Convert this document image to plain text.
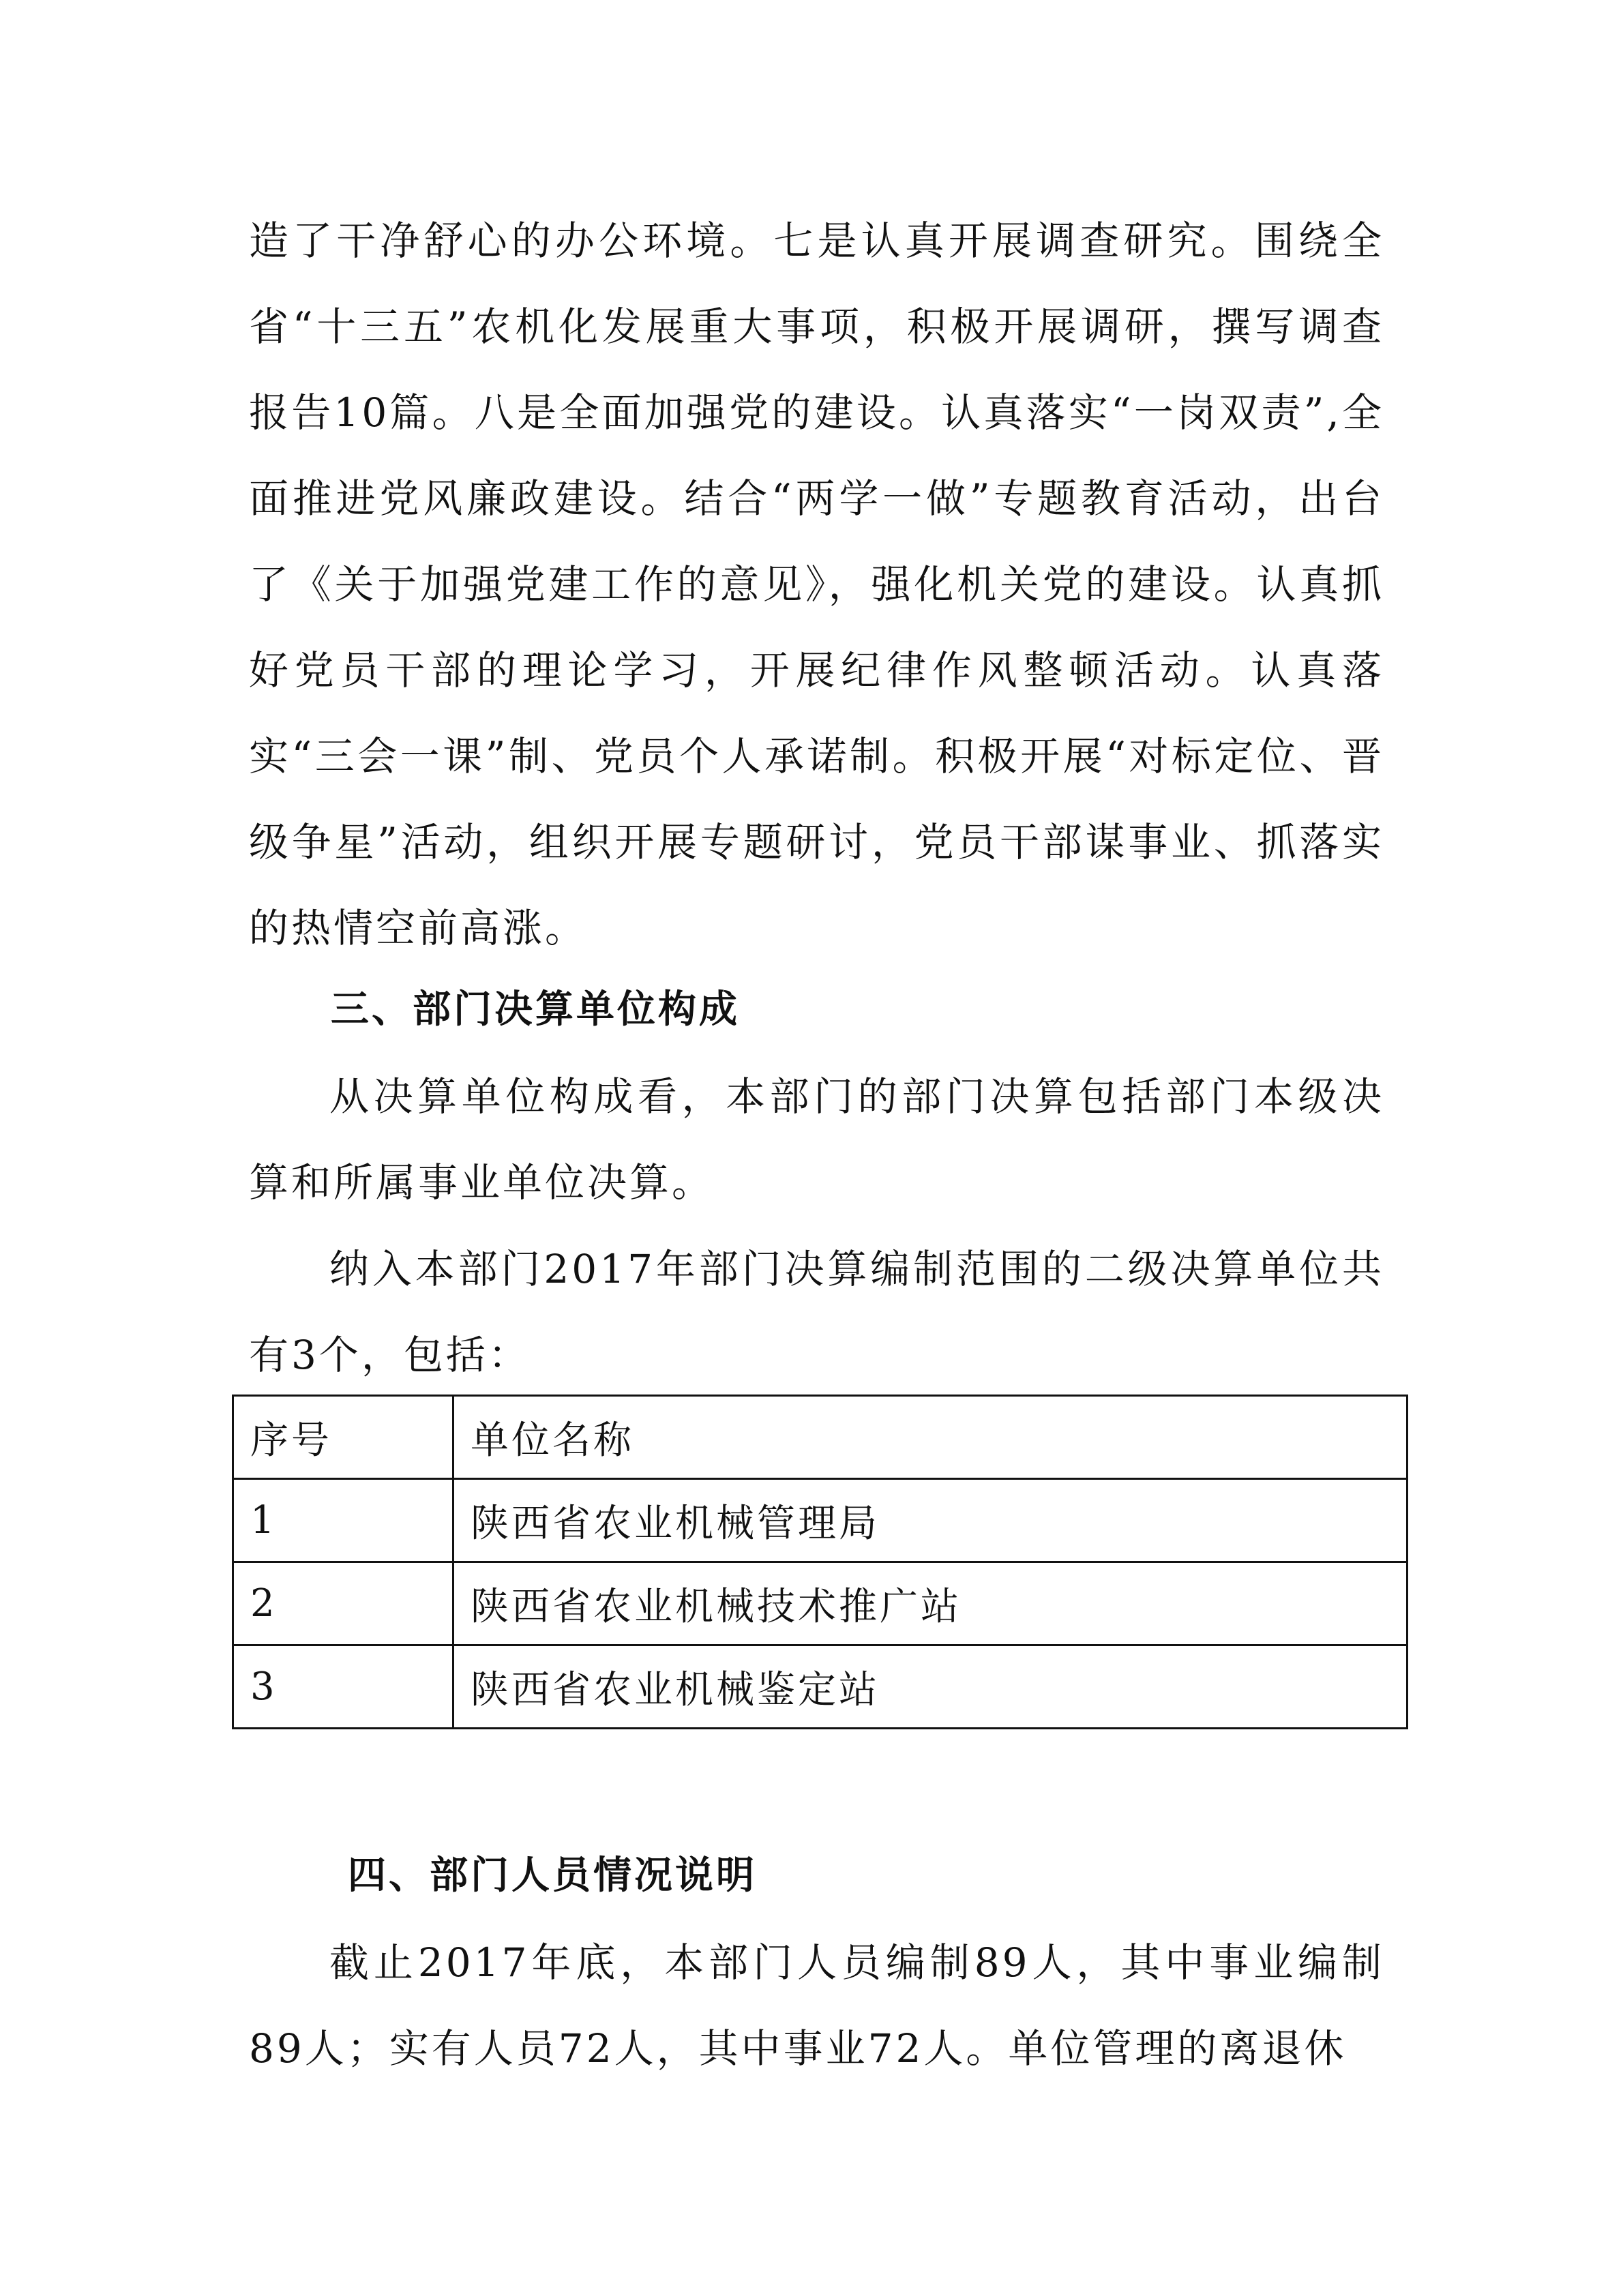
造了干净舒心的办公环境。七是认真开展调查研究。围绕全省“十三五”农机化发展重大事项，积极开展调研，撰写调查报告10篇。八是全面加强党的建设。认真落实“一岗双责”,全面推进党风廉政建设。结合“两学一做”专题教育活动，出台了《关于加强党建工作的意见》，强化机关党的建设。认真抓好党员干部的理论学习，开展纪律作风整顿活动。认真落实“三会一课”制、党员个人承诺制。积极开展“对标定位、晋级争星”活动，组织开展专题研讨，党员干部谋事业、抓落实的热情空前高涨。

三、部门决算单位构成

从决算单位构成看，本部门的部门决算包括部门本级决算和所属事业单位决算。

纳入本部门2017年部门决算编制范围的二级决算单位共有3个，包括：

序号	单位名称
1	陕西省农业机械管理局
2	陕西省农业机械技术推广站
3	陕西省农业机械鉴定站
四、部门人员情况说明

截止2017年底，本部门人员编制89人，其中事业编制89人；实有人员72人，其中事业72人。单位管理的离退休
